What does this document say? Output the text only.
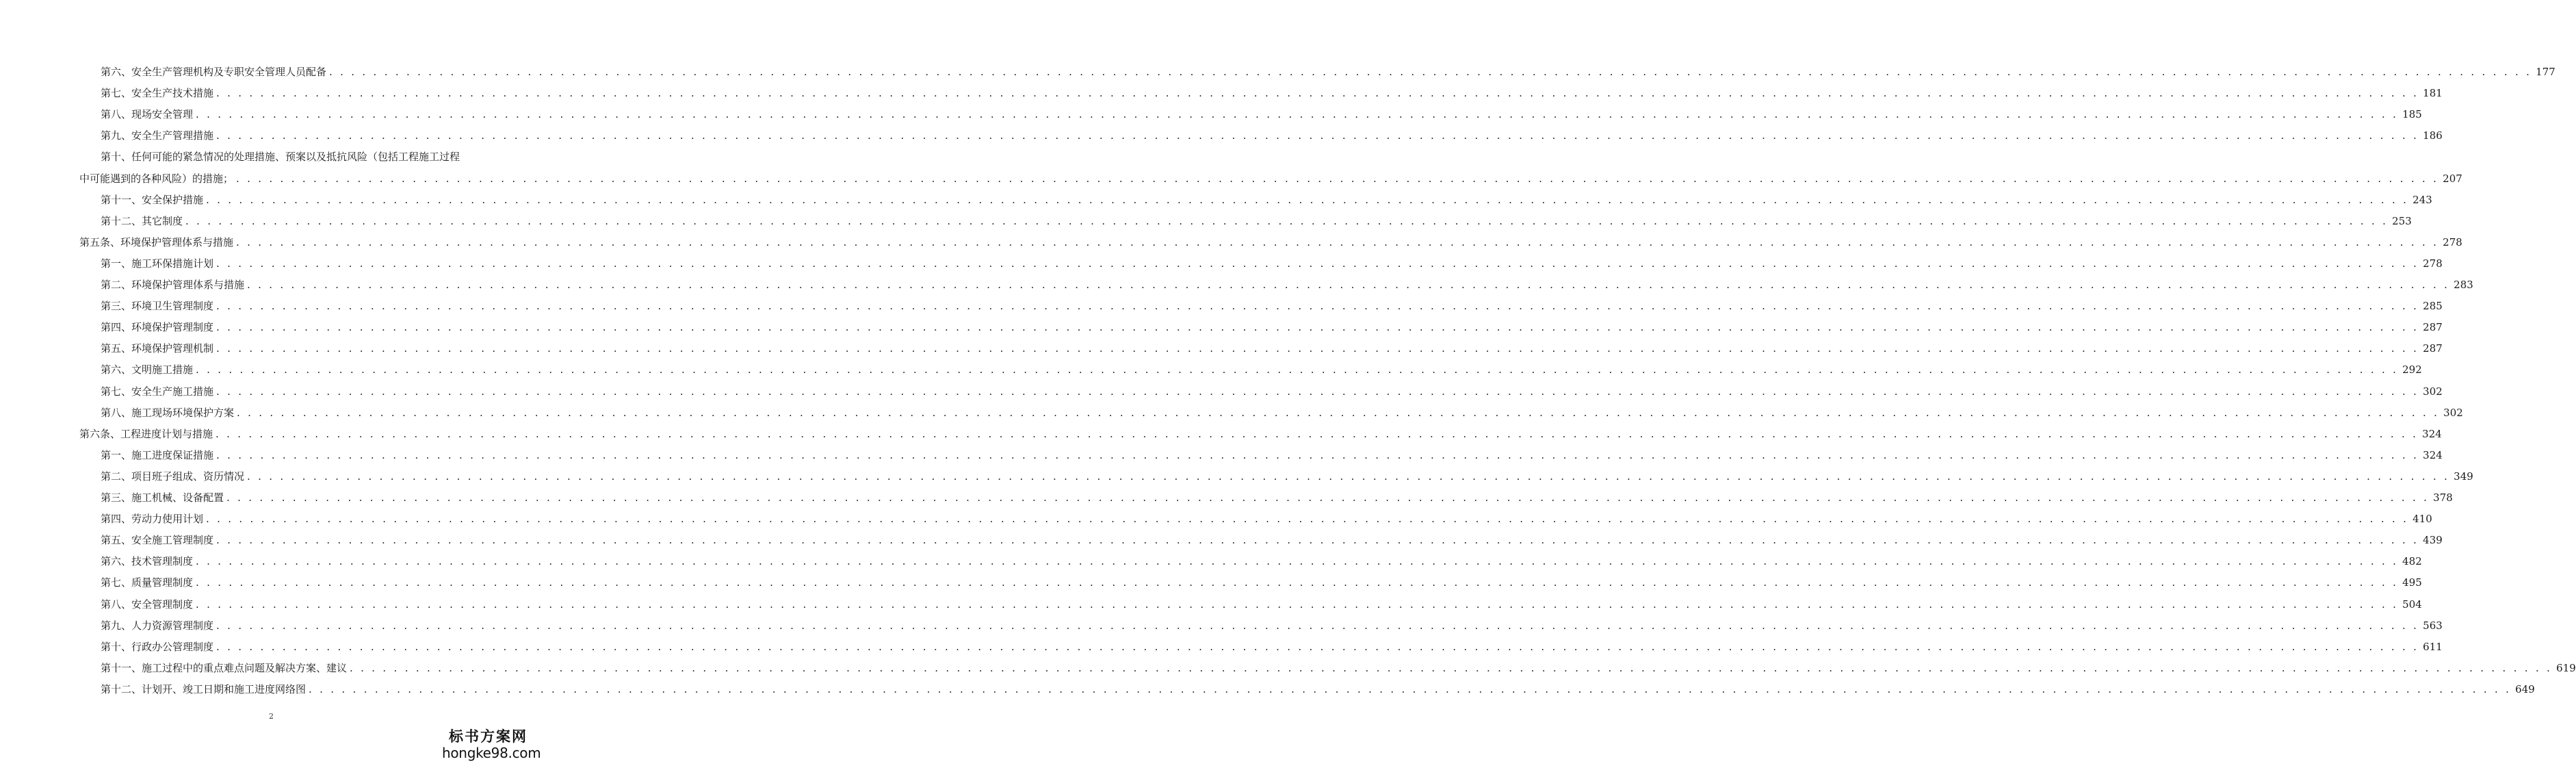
第六、安全生产管理机构及专职安全管理人员配备 . . . . . . . . . . . . . . . . . . . . . . . . . . . . . . . . . . . . . . . . . . . . . . . . . . . . . . . . . . . . . . . . . . . . . . . . . . . . . . . . . . . . . . . . . . . . . . . . . . . . . . . . . . . . . . . . . . . . . . . . . . . . . . . . . . . . . . . . . . . . . . . . . . . . . . . . . . . . . . . . . . . . . . . . . . . . . . . . . . . . . . . . . . . . . . . . . . . . . . . . 177
第七、安全生产技术措施 . . . . . . . . . . . . . . . . . . . . . . . . . . . . . . . . . . . . . . . . . . . . . . . . . . . . . . . . . . . . . . . . . . . . . . . . . . . . . . . . . . . . . . . . . . . . . . . . . . . . . . . . . . . . . . . . . . . . . . . . . . . . . . . . . . . . . . . . . . . . . . . . . . . . . . . . . . . . . . . . . . . . . . . . . . . . . . . . . . . . . . . . . . . . . . . . . . . . . . . . 181
第八、现场安全管理 . . . . . . . . . . . . . . . . . . . . . . . . . . . . . . . . . . . . . . . . . . . . . . . . . . . . . . . . . . . . . . . . . . . . . . . . . . . . . . . . . . . . . . . . . . . . . . . . . . . . . . . . . . . . . . . . . . . . . . . . . . . . . . . . . . . . . . . . . . . . . . . . . . . . . . . . . . . . . . . . . . . . . . . . . . . . . . . . . . . . . . . . . . . . . . . . . . . . . . . . 185
第九、安全生产管理措施 . . . . . . . . . . . . . . . . . . . . . . . . . . . . . . . . . . . . . . . . . . . . . . . . . . . . . . . . . . . . . . . . . . . . . . . . . . . . . . . . . . . . . . . . . . . . . . . . . . . . . . . . . . . . . . . . . . . . . . . . . . . . . . . . . . . . . . . . . . . . . . . . . . . . . . . . . . . . . . . . . . . . . . . . . . . . . . . . . . . . . . . . . . . . . . . . . . . . . . . . 186
第十、任何可能的紧急情况的处理措施、预案以及抵抗风险（包括工程施工过程
中可能遇到的各种风险）的措施； . . . . . . . . . . . . . . . . . . . . . . . . . . . . . . . . . . . . . . . . . . . . . . . . . . . . . . . . . . . . . . . . . . . . . . . . . . . . . . . . . . . . . . . . . . . . . . . . . . . . . . . . . . . . . . . . . . . . . . . . . . . . . . . . . . . . . . . . . . . . . . . . . . . . . . . . . . . . . . . . . . . . . . . . . . . . . . . . . . . . . . . . . . . . . . . . . . . . . . . . 207
第十一、安全保护措施 . . . . . . . . . . . . . . . . . . . . . . . . . . . . . . . . . . . . . . . . . . . . . . . . . . . . . . . . . . . . . . . . . . . . . . . . . . . . . . . . . . . . . . . . . . . . . . . . . . . . . . . . . . . . . . . . . . . . . . . . . . . . . . . . . . . . . . . . . . . . . . . . . . . . . . . . . . . . . . . . . . . . . . . . . . . . . . . . . . . . . . . . . . . . . . . . . . . . . . . . 243
第十二、其它制度 . . . . . . . . . . . . . . . . . . . . . . . . . . . . . . . . . . . . . . . . . . . . . . . . . . . . . . . . . . . . . . . . . . . . . . . . . . . . . . . . . . . . . . . . . . . . . . . . . . . . . . . . . . . . . . . . . . . . . . . . . . . . . . . . . . . . . . . . . . . . . . . . . . . . . . . . . . . . . . . . . . . . . . . . . . . . . . . . . . . . . . . . . . . . . . . . . . . . . . . . 253
第五条、环境保护管理体系与措施 . . . . . . . . . . . . . . . . . . . . . . . . . . . . . . . . . . . . . . . . . . . . . . . . . . . . . . . . . . . . . . . . . . . . . . . . . . . . . . . . . . . . . . . . . . . . . . . . . . . . . . . . . . . . . . . . . . . . . . . . . . . . . . . . . . . . . . . . . . . . . . . . . . . . . . . . . . . . . . . . . . . . . . . . . . . . . . . . . . . . . . . . . . . . . . . . . . . . . . . . 278
第一、施工环保措施计划 . . . . . . . . . . . . . . . . . . . . . . . . . . . . . . . . . . . . . . . . . . . . . . . . . . . . . . . . . . . . . . . . . . . . . . . . . . . . . . . . . . . . . . . . . . . . . . . . . . . . . . . . . . . . . . . . . . . . . . . . . . . . . . . . . . . . . . . . . . . . . . . . . . . . . . . . . . . . . . . . . . . . . . . . . . . . . . . . . . . . . . . . . . . . . . . . . . . . . . . . 278
第二、环境保护管理体系与措施 . . . . . . . . . . . . . . . . . . . . . . . . . . . . . . . . . . . . . . . . . . . . . . . . . . . . . . . . . . . . . . . . . . . . . . . . . . . . . . . . . . . . . . . . . . . . . . . . . . . . . . . . . . . . . . . . . . . . . . . . . . . . . . . . . . . . . . . . . . . . . . . . . . . . . . . . . . . . . . . . . . . . . . . . . . . . . . . . . . . . . . . . . . . . . . . . . . . . . . . . 283
第三、环境卫生管理制度 . . . . . . . . . . . . . . . . . . . . . . . . . . . . . . . . . . . . . . . . . . . . . . . . . . . . . . . . . . . . . . . . . . . . . . . . . . . . . . . . . . . . . . . . . . . . . . . . . . . . . . . . . . . . . . . . . . . . . . . . . . . . . . . . . . . . . . . . . . . . . . . . . . . . . . . . . . . . . . . . . . . . . . . . . . . . . . . . . . . . . . . . . . . . . . . . . . . . . . . . 285
第四、环境保护管理制度 . . . . . . . . . . . . . . . . . . . . . . . . . . . . . . . . . . . . . . . . . . . . . . . . . . . . . . . . . . . . . . . . . . . . . . . . . . . . . . . . . . . . . . . . . . . . . . . . . . . . . . . . . . . . . . . . . . . . . . . . . . . . . . . . . . . . . . . . . . . . . . . . . . . . . . . . . . . . . . . . . . . . . . . . . . . . . . . . . . . . . . . . . . . . . . . . . . . . . . . . 287
第五、环境保护管理机制 . . . . . . . . . . . . . . . . . . . . . . . . . . . . . . . . . . . . . . . . . . . . . . . . . . . . . . . . . . . . . . . . . . . . . . . . . . . . . . . . . . . . . . . . . . . . . . . . . . . . . . . . . . . . . . . . . . . . . . . . . . . . . . . . . . . . . . . . . . . . . . . . . . . . . . . . . . . . . . . . . . . . . . . . . . . . . . . . . . . . . . . . . . . . . . . . . . . . . . . . 287
第六、文明施工措施 . . . . . . . . . . . . . . . . . . . . . . . . . . . . . . . . . . . . . . . . . . . . . . . . . . . . . . . . . . . . . . . . . . . . . . . . . . . . . . . . . . . . . . . . . . . . . . . . . . . . . . . . . . . . . . . . . . . . . . . . . . . . . . . . . . . . . . . . . . . . . . . . . . . . . . . . . . . . . . . . . . . . . . . . . . . . . . . . . . . . . . . . . . . . . . . . . . . . . . . . 292
第七、安全生产施工措施 . . . . . . . . . . . . . . . . . . . . . . . . . . . . . . . . . . . . . . . . . . . . . . . . . . . . . . . . . . . . . . . . . . . . . . . . . . . . . . . . . . . . . . . . . . . . . . . . . . . . . . . . . . . . . . . . . . . . . . . . . . . . . . . . . . . . . . . . . . . . . . . . . . . . . . . . . . . . . . . . . . . . . . . . . . . . . . . . . . . . . . . . . . . . . . . . . . . . . . . . 302
第八、施工现场环境保护方案 . . . . . . . . . . . . . . . . . . . . . . . . . . . . . . . . . . . . . . . . . . . . . . . . . . . . . . . . . . . . . . . . . . . . . . . . . . . . . . . . . . . . . . . . . . . . . . . . . . . . . . . . . . . . . . . . . . . . . . . . . . . . . . . . . . . . . . . . . . . . . . . . . . . . . . . . . . . . . . . . . . . . . . . . . . . . . . . . . . . . . . . . . . . . . . . . . . . . . . . . 302
第六条、工程进度计划与措施 . . . . . . . . . . . . . . . . . . . . . . . . . . . . . . . . . . . . . . . . . . . . . . . . . . . . . . . . . . . . . . . . . . . . . . . . . . . . . . . . . . . . . . . . . . . . . . . . . . . . . . . . . . . . . . . . . . . . . . . . . . . . . . . . . . . . . . . . . . . . . . . . . . . . . . . . . . . . . . . . . . . . . . . . . . . . . . . . . . . . . . . . . . . . . . . . . . . . . . . . 324
第一、施工进度保证措施 . . . . . . . . . . . . . . . . . . . . . . . . . . . . . . . . . . . . . . . . . . . . . . . . . . . . . . . . . . . . . . . . . . . . . . . . . . . . . . . . . . . . . . . . . . . . . . . . . . . . . . . . . . . . . . . . . . . . . . . . . . . . . . . . . . . . . . . . . . . . . . . . . . . . . . . . . . . . . . . . . . . . . . . . . . . . . . . . . . . . . . . . . . . . . . . . . . . . . . . . 324
第二、项目班子组成、资历情况 . . . . . . . . . . . . . . . . . . . . . . . . . . . . . . . . . . . . . . . . . . . . . . . . . . . . . . . . . . . . . . . . . . . . . . . . . . . . . . . . . . . . . . . . . . . . . . . . . . . . . . . . . . . . . . . . . . . . . . . . . . . . . . . . . . . . . . . . . . . . . . . . . . . . . . . . . . . . . . . . . . . . . . . . . . . . . . . . . . . . . . . . . . . . . . . . . . . . . . . . 349
第三、施工机械、设备配置 . . . . . . . . . . . . . . . . . . . . . . . . . . . . . . . . . . . . . . . . . . . . . . . . . . . . . . . . . . . . . . . . . . . . . . . . . . . . . . . . . . . . . . . . . . . . . . . . . . . . . . . . . . . . . . . . . . . . . . . . . . . . . . . . . . . . . . . . . . . . . . . . . . . . . . . . . . . . . . . . . . . . . . . . . . . . . . . . . . . . . . . . . . . . . . . . . . . . . . . . 378
第四、劳动力使用计划 . . . . . . . . . . . . . . . . . . . . . . . . . . . . . . . . . . . . . . . . . . . . . . . . . . . . . . . . . . . . . . . . . . . . . . . . . . . . . . . . . . . . . . . . . . . . . . . . . . . . . . . . . . . . . . . . . . . . . . . . . . . . . . . . . . . . . . . . . . . . . . . . . . . . . . . . . . . . . . . . . . . . . . . . . . . . . . . . . . . . . . . . . . . . . . . . . . . . . . . . 410
第五、安全施工管理制度 . . . . . . . . . . . . . . . . . . . . . . . . . . . . . . . . . . . . . . . . . . . . . . . . . . . . . . . . . . . . . . . . . . . . . . . . . . . . . . . . . . . . . . . . . . . . . . . . . . . . . . . . . . . . . . . . . . . . . . . . . . . . . . . . . . . . . . . . . . . . . . . . . . . . . . . . . . . . . . . . . . . . . . . . . . . . . . . . . . . . . . . . . . . . . . . . . . . . . . . . 439
第六、技术管理制度 . . . . . . . . . . . . . . . . . . . . . . . . . . . . . . . . . . . . . . . . . . . . . . . . . . . . . . . . . . . . . . . . . . . . . . . . . . . . . . . . . . . . . . . . . . . . . . . . . . . . . . . . . . . . . . . . . . . . . . . . . . . . . . . . . . . . . . . . . . . . . . . . . . . . . . . . . . . . . . . . . . . . . . . . . . . . . . . . . . . . . . . . . . . . . . . . . . . . . . . . 482
第七、质量管理制度 . . . . . . . . . . . . . . . . . . . . . . . . . . . . . . . . . . . . . . . . . . . . . . . . . . . . . . . . . . . . . . . . . . . . . . . . . . . . . . . . . . . . . . . . . . . . . . . . . . . . . . . . . . . . . . . . . . . . . . . . . . . . . . . . . . . . . . . . . . . . . . . . . . . . . . . . . . . . . . . . . . . . . . . . . . . . . . . . . . . . . . . . . . . . . . . . . . . . . . . . 495
第八、安全管理制度 . . . . . . . . . . . . . . . . . . . . . . . . . . . . . . . . . . . . . . . . . . . . . . . . . . . . . . . . . . . . . . . . . . . . . . . . . . . . . . . . . . . . . . . . . . . . . . . . . . . . . . . . . . . . . . . . . . . . . . . . . . . . . . . . . . . . . . . . . . . . . . . . . . . . . . . . . . . . . . . . . . . . . . . . . . . . . . . . . . . . . . . . . . . . . . . . . . . . . . . . 504
第九、人力资源管理制度 . . . . . . . . . . . . . . . . . . . . . . . . . . . . . . . . . . . . . . . . . . . . . . . . . . . . . . . . . . . . . . . . . . . . . . . . . . . . . . . . . . . . . . . . . . . . . . . . . . . . . . . . . . . . . . . . . . . . . . . . . . . . . . . . . . . . . . . . . . . . . . . . . . . . . . . . . . . . . . . . . . . . . . . . . . . . . . . . . . . . . . . . . . . . . . . . . . . . . . . . 563
第十、行政办公管理制度 . . . . . . . . . . . . . . . . . . . . . . . . . . . . . . . . . . . . . . . . . . . . . . . . . . . . . . . . . . . . . . . . . . . . . . . . . . . . . . . . . . . . . . . . . . . . . . . . . . . . . . . . . . . . . . . . . . . . . . . . . . . . . . . . . . . . . . . . . . . . . . . . . . . . . . . . . . . . . . . . . . . . . . . . . . . . . . . . . . . . . . . . . . . . . . . . . . . . . . . . 611
第十一、施工过程中的重点难点问题及解决方案、建议 . . . . . . . . . . . . . . . . . . . . . . . . . . . . . . . . . . . . . . . . . . . . . . . . . . . . . . . . . . . . . . . . . . . . . . . . . . . . . . . . . . . . . . . . . . . . . . . . . . . . . . . . . . . . . . . . . . . . . . . . . . . . . . . . . . . . . . . . . . . . . . . . . . . . . . . . . . . . . . . . . . . . . . . . . . . . . . . . . . . . . . . . . . . . . . . . . . . . . . . . 619
第十二、计划开、竣工日期和施工进度网络图 . . . . . . . . . . . . . . . . . . . . . . . . . . . . . . . . . . . . . . . . . . . . . . . . . . . . . . . . . . . . . . . . . . . . . . . . . . . . . . . . . . . . . . . . . . . . . . . . . . . . . . . . . . . . . . . . . . . . . . . . . . . . . . . . . . . . . . . . . . . . . . . . . . . . . . . . . . . . . . . . . . . . . . . . . . . . . . . . . . . . . . . . . . . . . . . . . . . . . . . . 649
2
标书方案网
hongke98.com
